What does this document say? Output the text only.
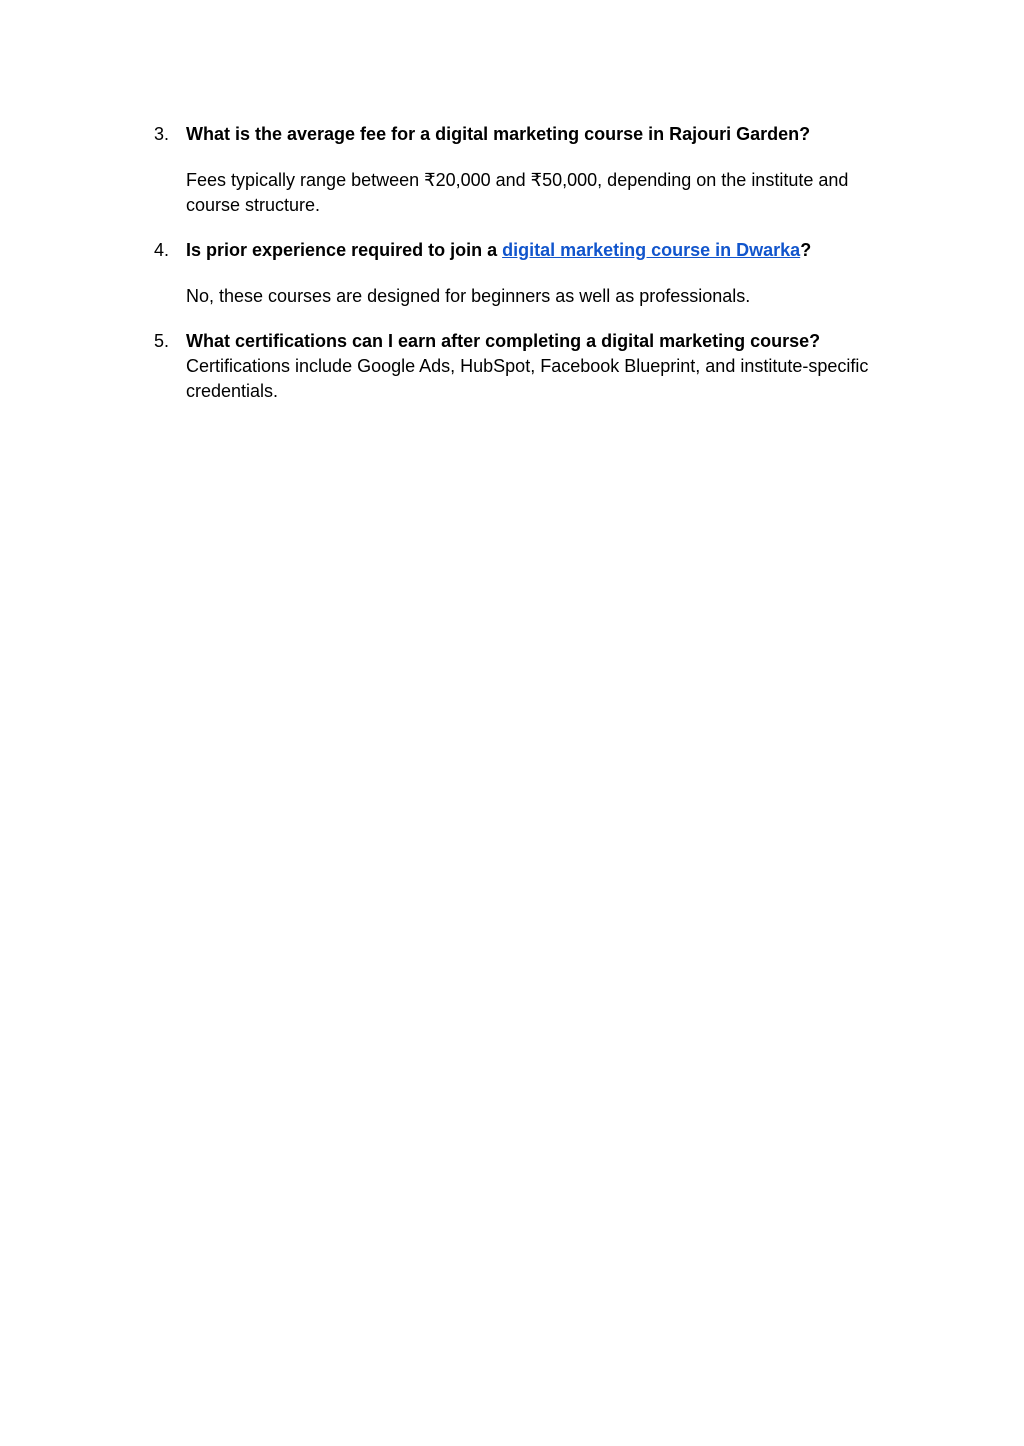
3. What is the average fee for a digital marketing course in Rajouri Garden?

Fees typically range between ₹20,000 and ₹50,000, depending on the institute and course structure.

4. Is prior experience required to join a digital marketing course in Dwarka?

No, these courses are designed for beginners as well as professionals.

5. What certifications can I earn after completing a digital marketing course?

Certifications include Google Ads, HubSpot, Facebook Blueprint, and institute-specific credentials.
